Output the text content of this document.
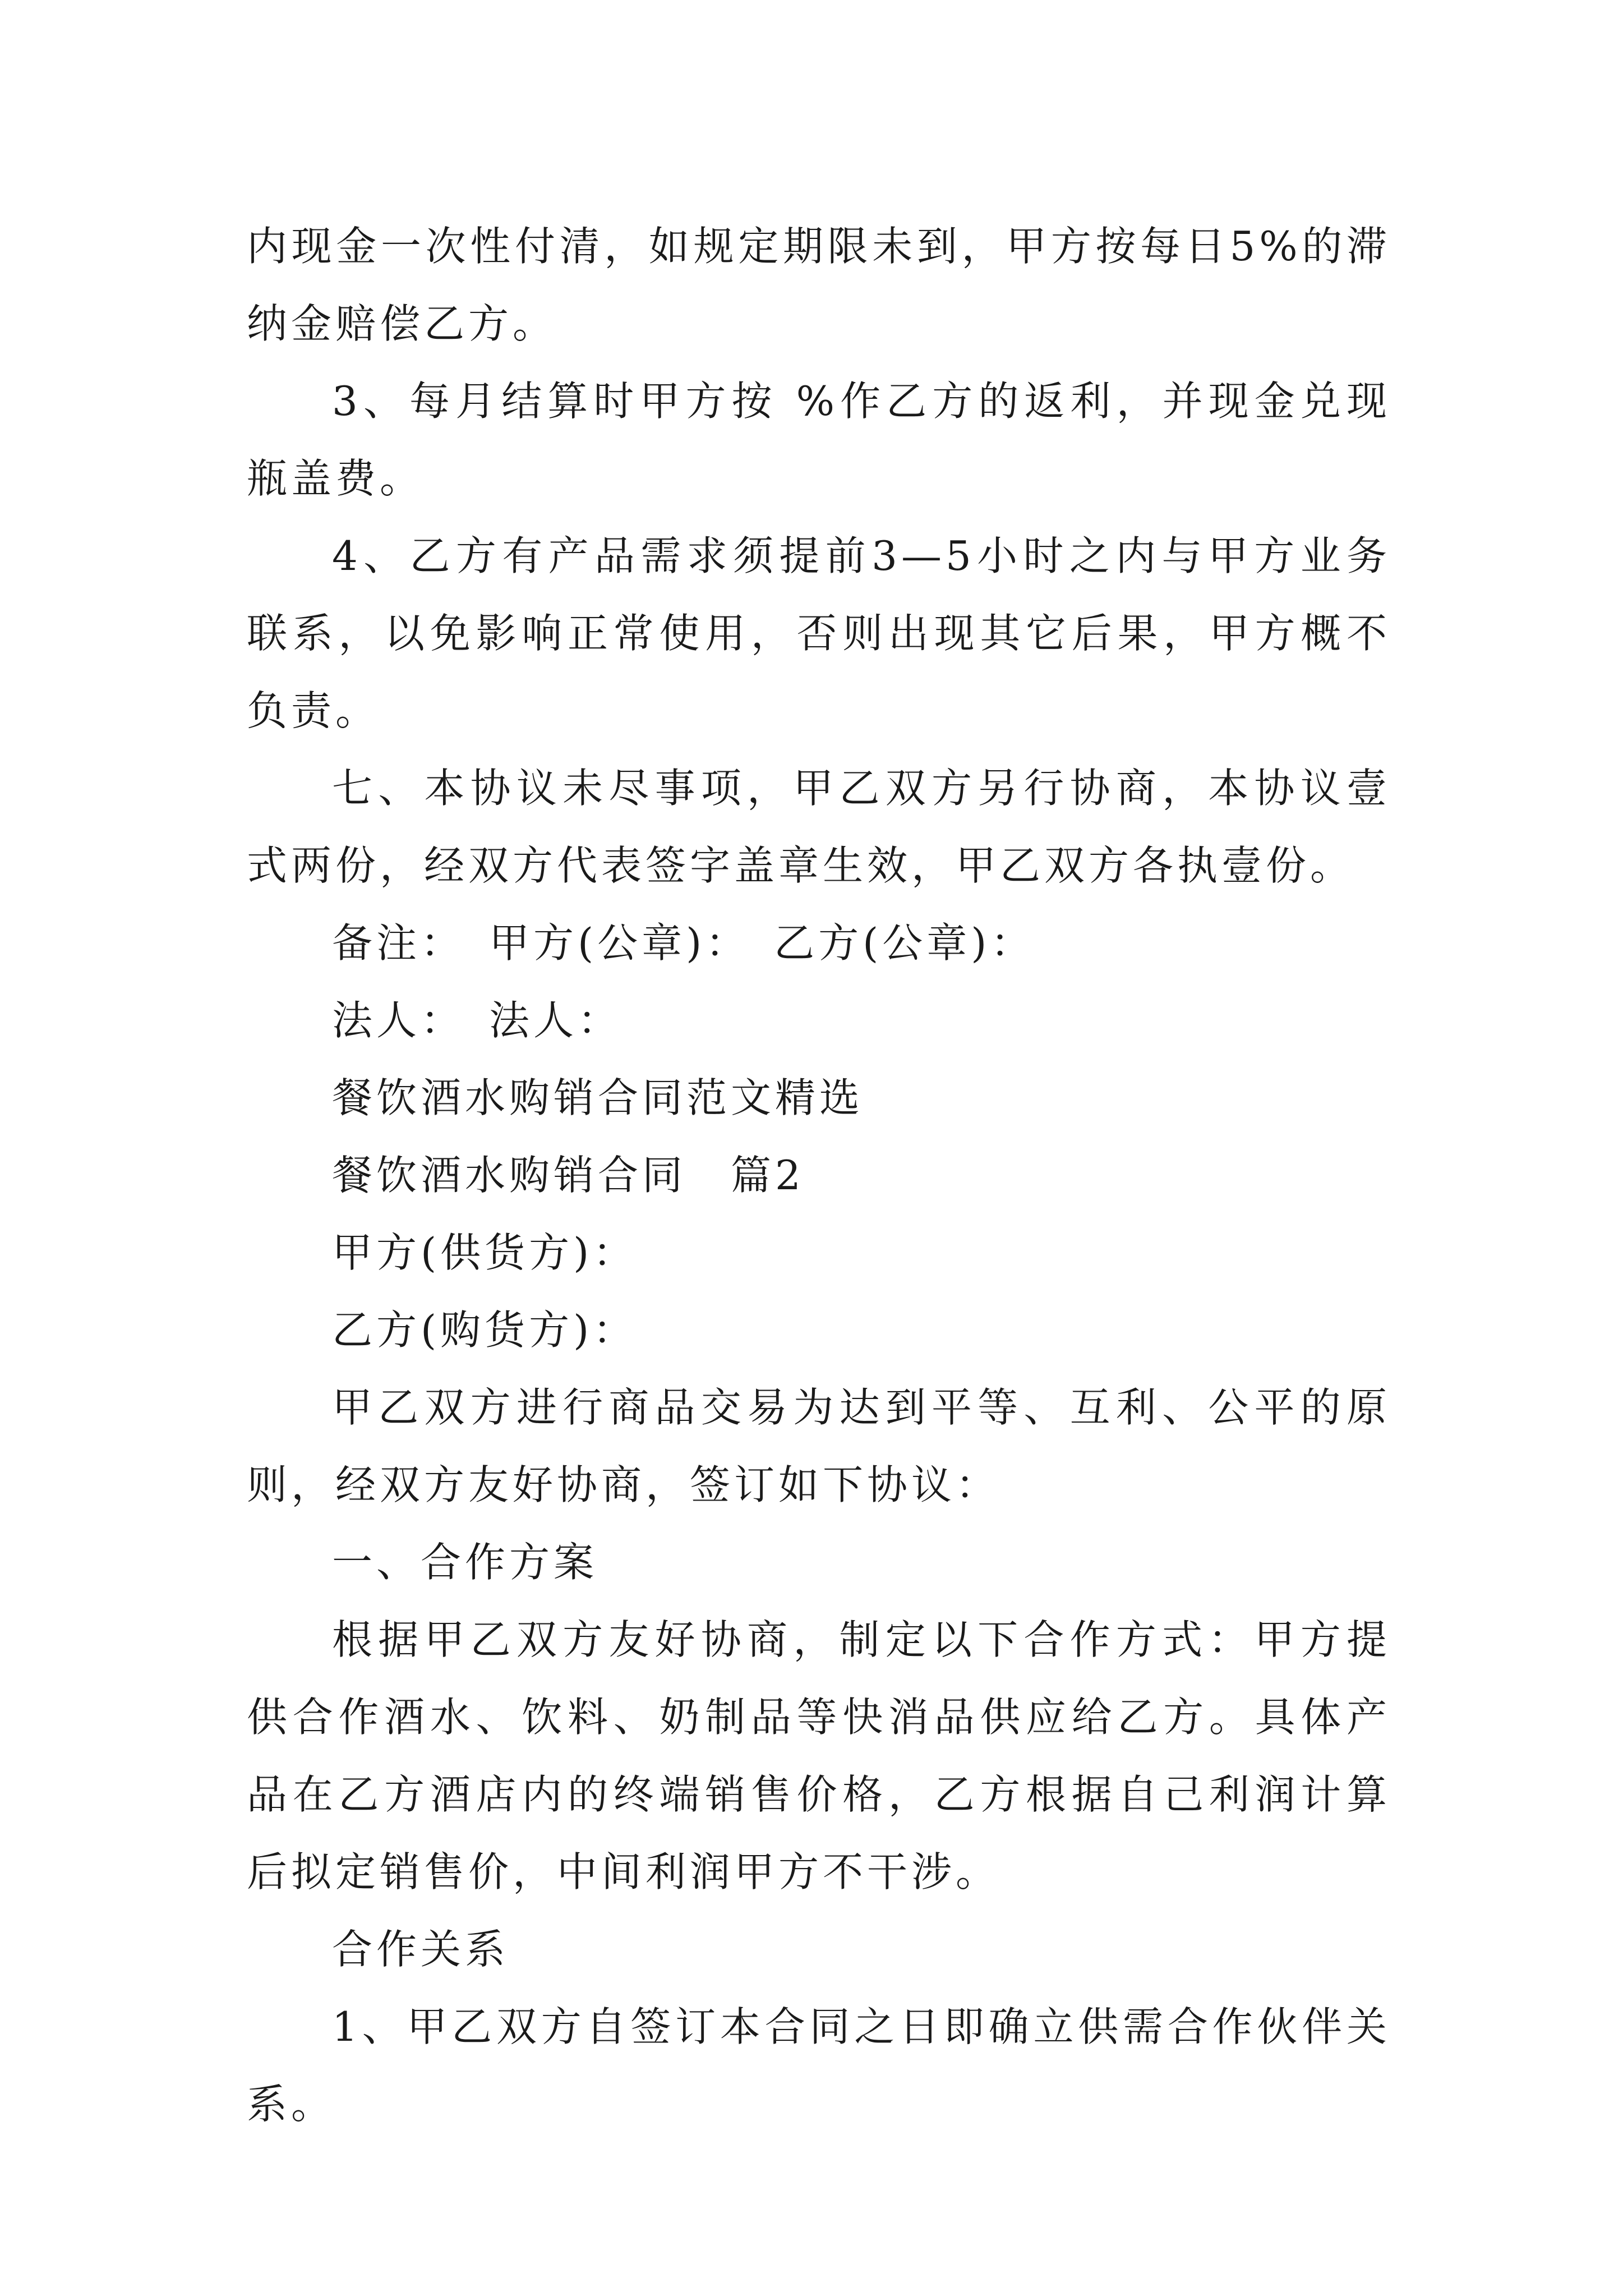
内现金一次性付清，如规定期限未到，甲方按每日5%的滞纳金赔偿乙方。

3、每月结算时甲方按 %作乙方的返利，并现金兑现瓶盖费。

4、乙方有产品需求须提前3—5小时之内与甲方业务联系，以免影响正常使用，否则出现其它后果，甲方概不负责。

七、本协议未尽事项，甲乙双方另行协商，本协议壹式两份，经双方代表签字盖章生效，甲乙双方各执壹份。

备注：　甲方(公章)：　乙方(公章)：

法人：　法人：

餐饮酒水购销合同范文精选

餐饮酒水购销合同　篇2

甲方(供货方)：

乙方(购货方)：

甲乙双方进行商品交易为达到平等、互利、公平的原则，经双方友好协商，签订如下协议：

一、合作方案

根据甲乙双方友好协商，制定以下合作方式：甲方提供合作酒水、饮料、奶制品等快消品供应给乙方。具体产品在乙方酒店内的终端销售价格，乙方根据自己利润计算后拟定销售价，中间利润甲方不干涉。

合作关系

1、甲乙双方自签订本合同之日即确立供需合作伙伴关系。
